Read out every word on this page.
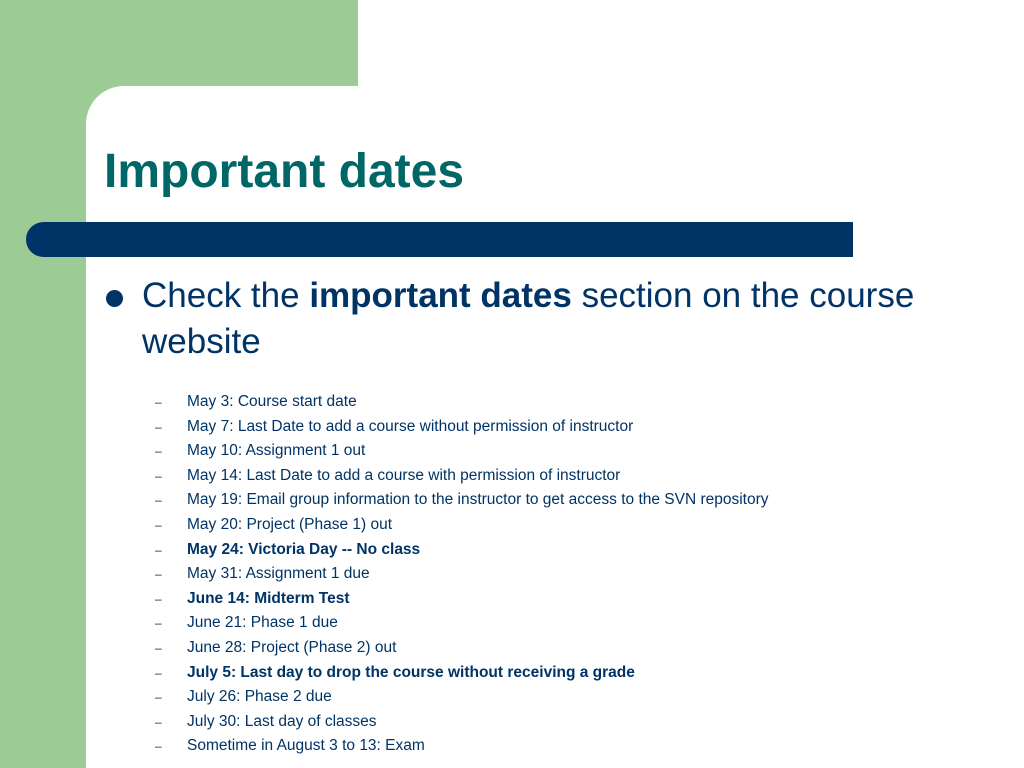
Important dates
Check the important dates section on the course website
– May 3: Course start date
– May 7: Last Date to add a course without permission of instructor
– May 10: Assignment 1 out
– May 14: Last Date to add a course with permission of instructor
– May 19: Email group information to the instructor to get access to the SVN repository
– May 20: Project (Phase 1) out
– May 24: Victoria Day -- No class
– May 31: Assignment 1 due
– June 14: Midterm Test
– June 21: Phase 1 due
– June 28: Project (Phase 2) out
– July 5: Last day to drop the course without receiving a grade
– July 26: Phase 2 due
– July 30: Last day of classes
– Sometime in August 3 to 13: Exam
